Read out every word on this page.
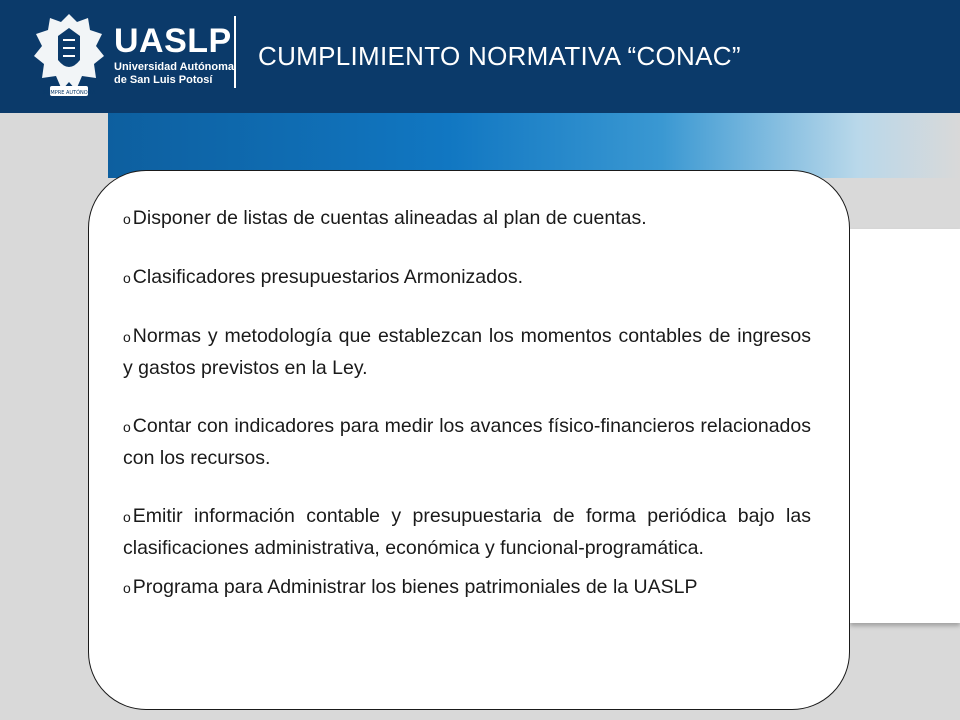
SIEMPRE AUTÓNOMA
UASLP
Universidad Autónoma
de San Luis Potosí
CUMPLIMIENTO NORMATIVA “CONAC”

o Disponer de listas de cuentas alineadas al plan de cuentas.

o Clasificadores presupuestarios Armonizados.

o Normas y metodología que establezcan los momentos contables de ingresos y gastos previstos en la Ley.

o Contar con indicadores para medir los avances físico-financieros relacionados con los recursos.

o Emitir información contable y presupuestaria de forma periódica bajo las clasificaciones administrativa, económica y funcional-programática.

o Programa para Administrar los bienes patrimoniales de la UASLP
